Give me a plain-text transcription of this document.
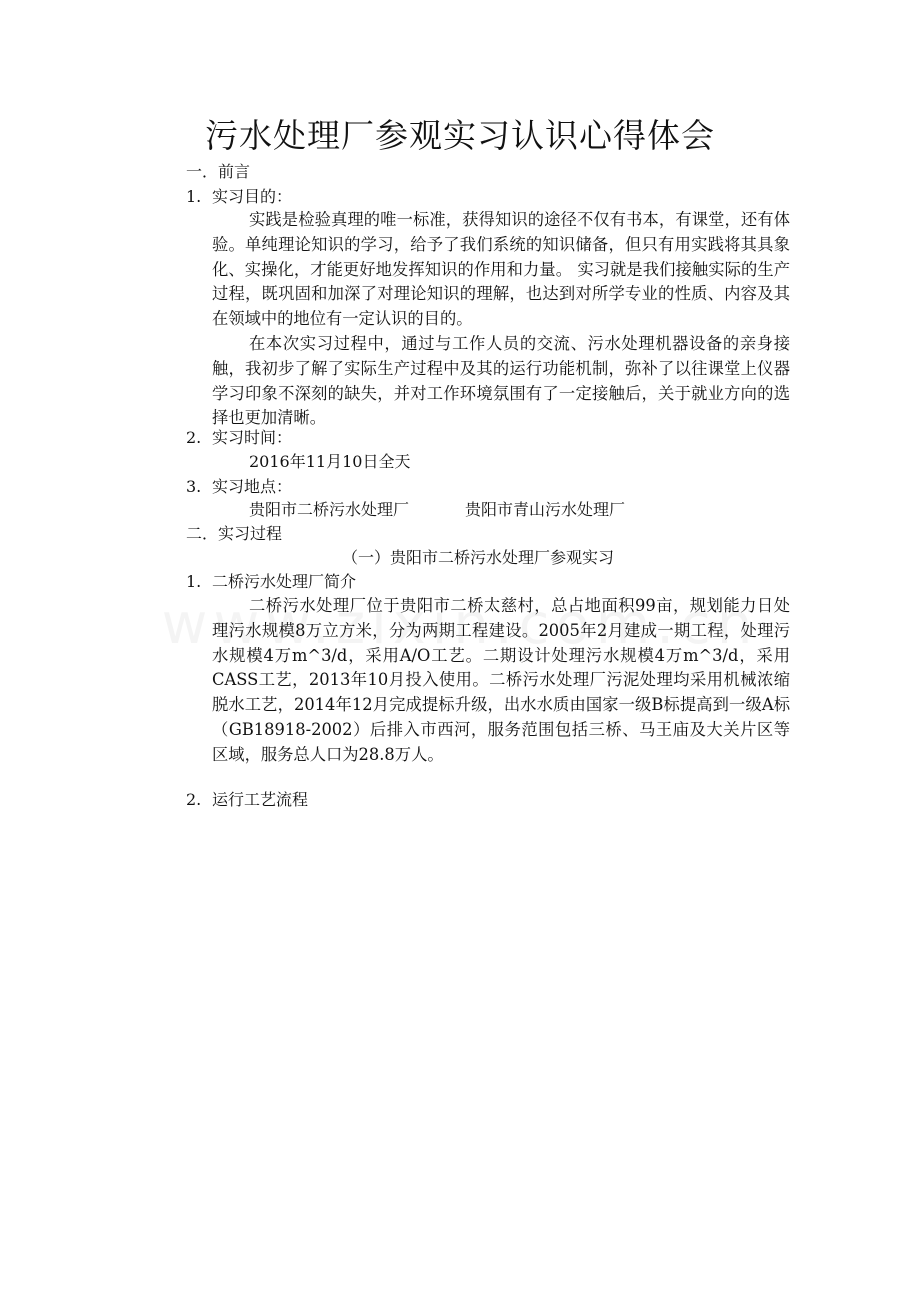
污水处理厂参观实习认识心得体会
一．前言
1. 实习目的：
实践是检验真理的唯一标准，获得知识的途径不仅有书本，有课堂，还有体验。单纯理论知识的学习，给予了我们系统的知识储备，但只有用实践将其具象化、实操化，才能更好地发挥知识的作用和力量。 实习就是我们接触实际的生产过程，既巩固和加深了对理论知识的理解，也达到对所学专业的性质、内容及其在领域中的地位有一定认识的目的。
在本次实习过程中，通过与工作人员的交流、污水处理机器设备的亲身接触，我初步了解了实际生产过程中及其的运行功能机制，弥补了以往课堂上仪器学习印象不深刻的缺失，并对工作环境氛围有了一定接触后，关于就业方向的选择也更加清晰。
2. 实习时间：
2016年11月10日全天
3. 实习地点：
贵阳市二桥污水处理厂	贵阳市青山污水处理厂
二．实习过程
（一）贵阳市二桥污水处理厂参观实习
1. 二桥污水处理厂简介
二桥污水处理厂位于贵阳市二桥太慈村，总占地面积99亩，规划能力日处理污水规模8万立方米，分为两期工程建设。2005年2月建成一期工程，处理污水规模4万m^3/d，采用A/O工艺。二期设计处理污水规模4万m^3/d，采用CASS工艺，2013年10月投入使用。二桥污水处理厂污泥处理均采用机械浓缩脱水工艺，2014年12月完成提标升级，出水水质由国家一级B标提高到一级A标（GB18918-2002）后排入市西河，服务范围包括三桥、马王庙及大关片区等区域，服务总人口为28.8万人。
2. 运行工艺流程
